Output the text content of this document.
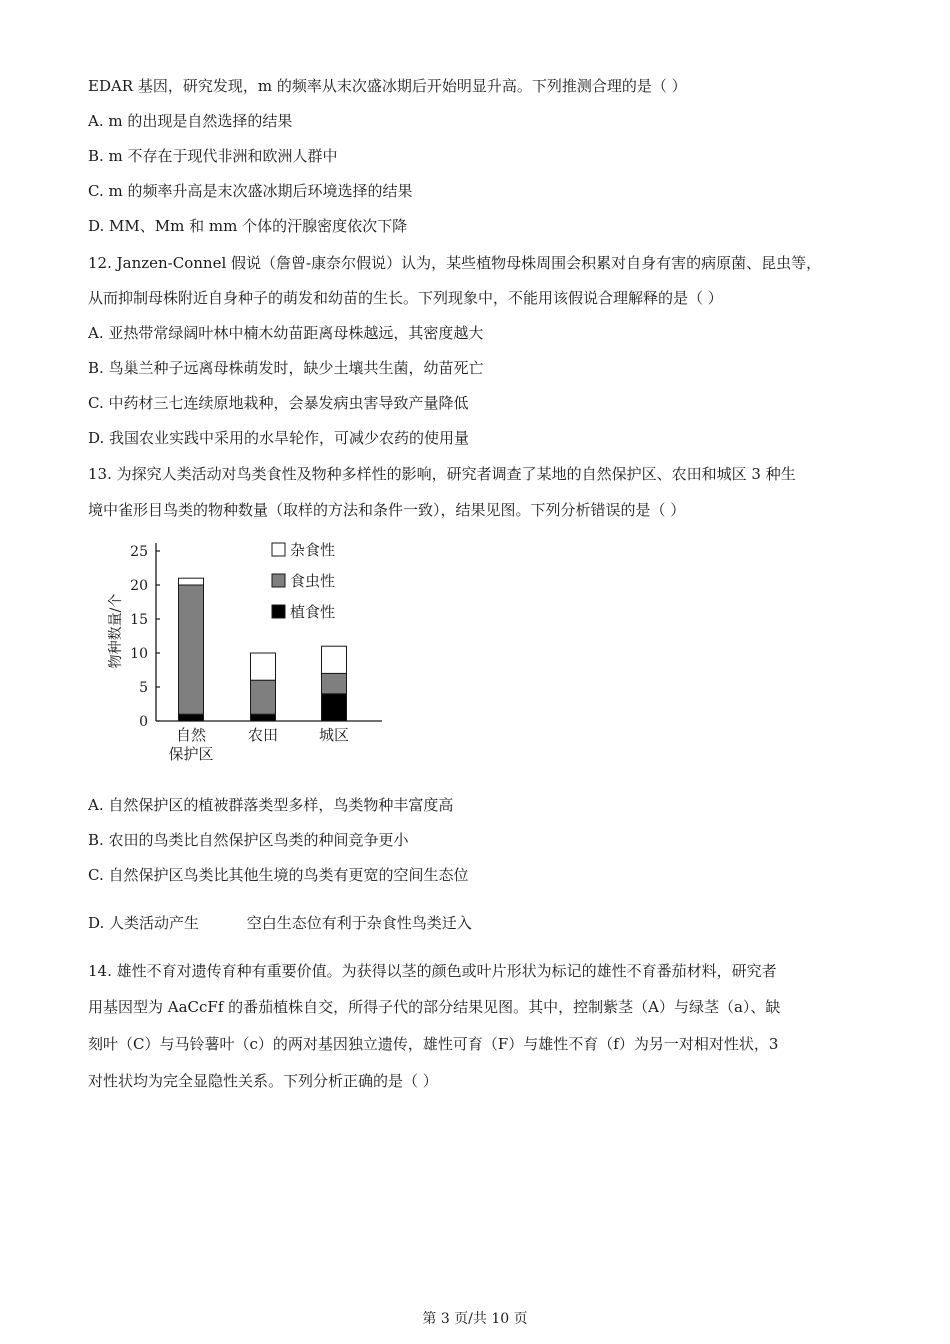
EDAR 基因，研究发现，m 的频率从末次盛冰期后开始明显升高。下列推测合理的是（ ）
A. m 的出现是自然选择的结果
B. m 不存在于现代非洲和欧洲人群中
C. m 的频率升高是末次盛冰期后环境选择的结果
D. MM、Mm 和 mm 个体的汗腺密度依次下降
12. Janzen-Connel 假说（詹曾-康奈尔假说）认为，某些植物母株周围会积累对自身有害的病原菌、昆虫等，
从而抑制母株附近自身种子的萌发和幼苗的生长。下列现象中，不能用该假说合理解释的是（ ）
A. 亚热带常绿阔叶林中楠木幼苗距离母株越远，其密度越大
B. 鸟巢兰种子远离母株萌发时，缺少土壤共生菌，幼苗死亡
C. 中药材三七连续原地栽种，会暴发病虫害导致产量降低
D. 我国农业实践中采用的水旱轮作，可减少农药的使用量
13. 为探究人类活动对鸟类食性及物种多样性的影响，研究者调查了某地的自然保护区、农田和城区 3 种生
境中雀形目鸟类的物种数量（取样的方法和条件一致），结果见图。下列分析错误的是（ ）
物种数量/个
0
5
10
15
20
25
自然
保护区
农田	城区
杂食性
食虫性
植食性
A. 自然保护区的植被群落类型多样，鸟类物种丰富度高
B. 农田的鸟类比自然保护区鸟类的种间竞争更小
C. 自然保护区鸟类比其他生境的鸟类有更宽的空间生态位
D. 人类活动产生          空白生态位有利于杂食性鸟类迁入
14. 雄性不育对遗传育种有重要价值。为获得以茎的颜色或叶片形状为标记的雄性不育番茄材料，研究者
用基因型为 AaCcFf 的番茄植株自交，所得子代的部分结果见图。其中，控制紫茎（A）与绿茎（a）、缺
刻叶（C）与马铃薯叶（c）的两对基因独立遗传，雄性可育（F）与雄性不育（f）为另一对相对性状，3
对性状均为完全显隐性关系。下列分析正确的是（ ）
第 3 页/共 10 页
